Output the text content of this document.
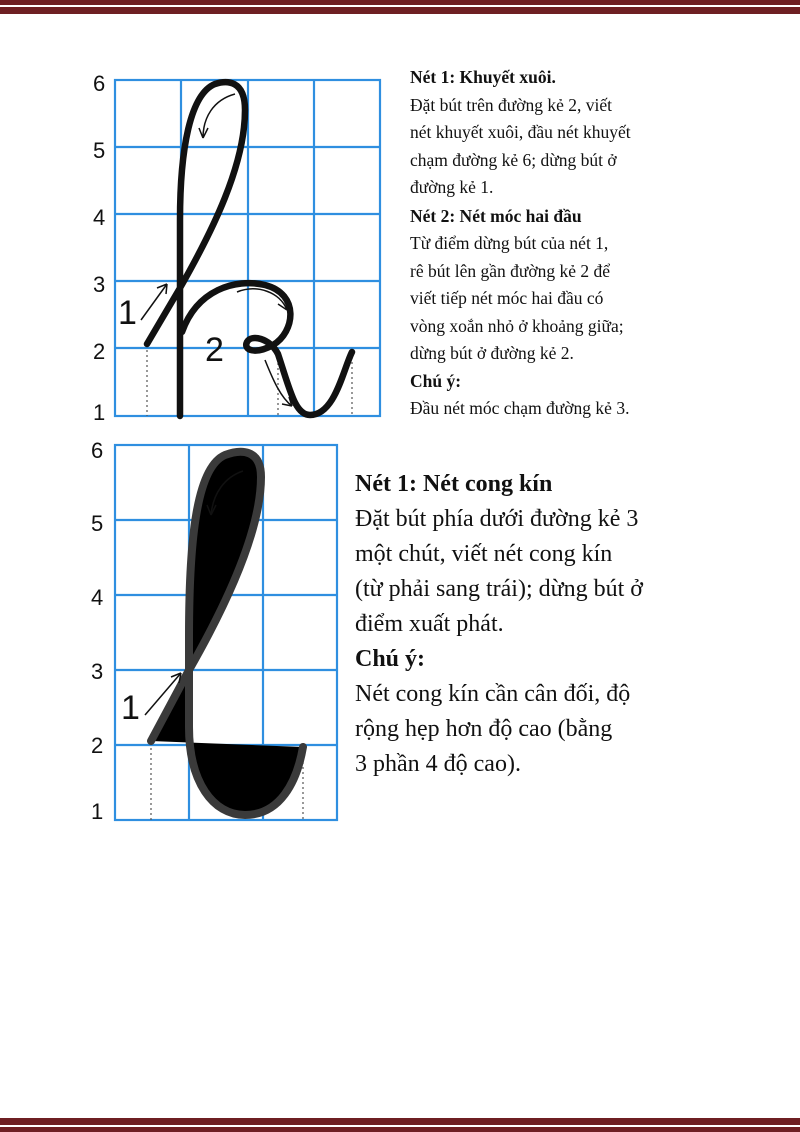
6
5
4
3
2
1
1
2
Nét 1: Khuyết xuôi.
Đặt bút trên đường kẻ 2, viết
nét khuyết xuôi, đầu nét khuyết
chạm đường kẻ 6; dừng bút ở
đường kẻ 1.
Nét 2: Nét móc hai đầu
Từ điểm dừng bút của nét 1,
rê bút lên gần đường kẻ 2 để
viết tiếp nét móc hai đầu có
vòng xoắn nhỏ ở khoảng giữa;
dừng bút ở đường kẻ 2.
Chú ý:
Đầu nét móc chạm đường kẻ 3.
6
5
4
3
2
1
1
Nét 1: Nét cong kín
Đặt bút phía dưới đường kẻ 3
một chút, viết nét cong kín
(từ phải sang trái); dừng bút ở
điểm xuất phát.
Chú ý:
Nét cong kín cần cân đối, độ
rộng hẹp hơn độ cao (bằng
3 phần 4 độ cao).
